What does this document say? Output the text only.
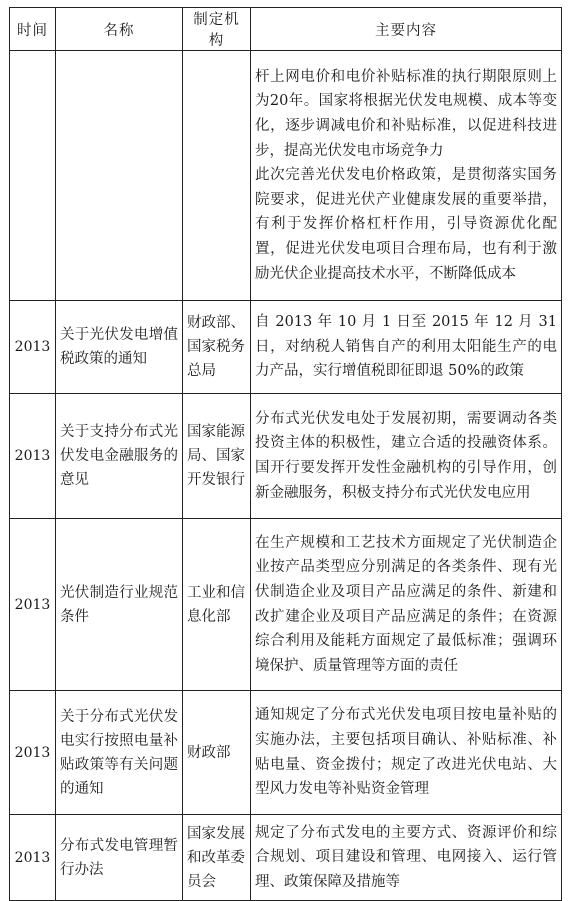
时间	名称	制定机构	主要内容

			杆上网电价和电价补贴标准的执行期限原则上为20年。国家将根据光伏发电规模、成本等变化，逐步调减电价和补贴标准，以促进科技进步，提高光伏发电市场竞争力
此次完善光伏发电价格政策，是贯彻落实国务院要求，促进光伏产业健康发展的重要举措，有利于发挥价格杠杆作用，引导资源优化配置，促进光伏发电项目合理布局，也有利于激励光伏企业提高技术水平，不断降低成本

2013	关于光伏发电增值税政策的通知	财政部、国家税务总局	自 2013 年 10 月 1 日至 2015 年 12 月 31 日，对纳税人销售自产的利用太阳能生产的电力产品，实行增值税即征即退 50%的政策

2013	关于支持分布式光伏发电金融服务的意见	国家能源局、国家开发银行	分布式光伏发电处于发展初期，需要调动各类投资主体的积极性，建立合适的投融资体系。国开行要发挥开发性金融机构的引导作用，创新金融服务，积极支持分布式光伏发电应用

2013	光伏制造行业规范条件	工业和信息化部	在生产规模和工艺技术方面规定了光伏制造企业按产品类型应分别满足的各类条件、现有光伏制造企业及项目产品应满足的条件、新建和改扩建企业及项目产品应满足的条件；在资源综合利用及能耗方面规定了最低标准；强调环境保护、质量管理等方面的责任

2013	关于分布式光伏发电实行按照电量补贴政策等有关问题的通知	财政部	通知规定了分布式光伏发电项目按电量补贴的实施办法，主要包括项目确认、补贴标准、补贴电量、资金拨付；规定了改进光伏电站、大型风力发电等补贴资金管理

2013	分布式发电管理暂行办法	国家发展和改革委员会	规定了分布式发电的主要方式、资源评价和综合规划、项目建设和管理、电网接入、运行管理、政策保障及措施等
